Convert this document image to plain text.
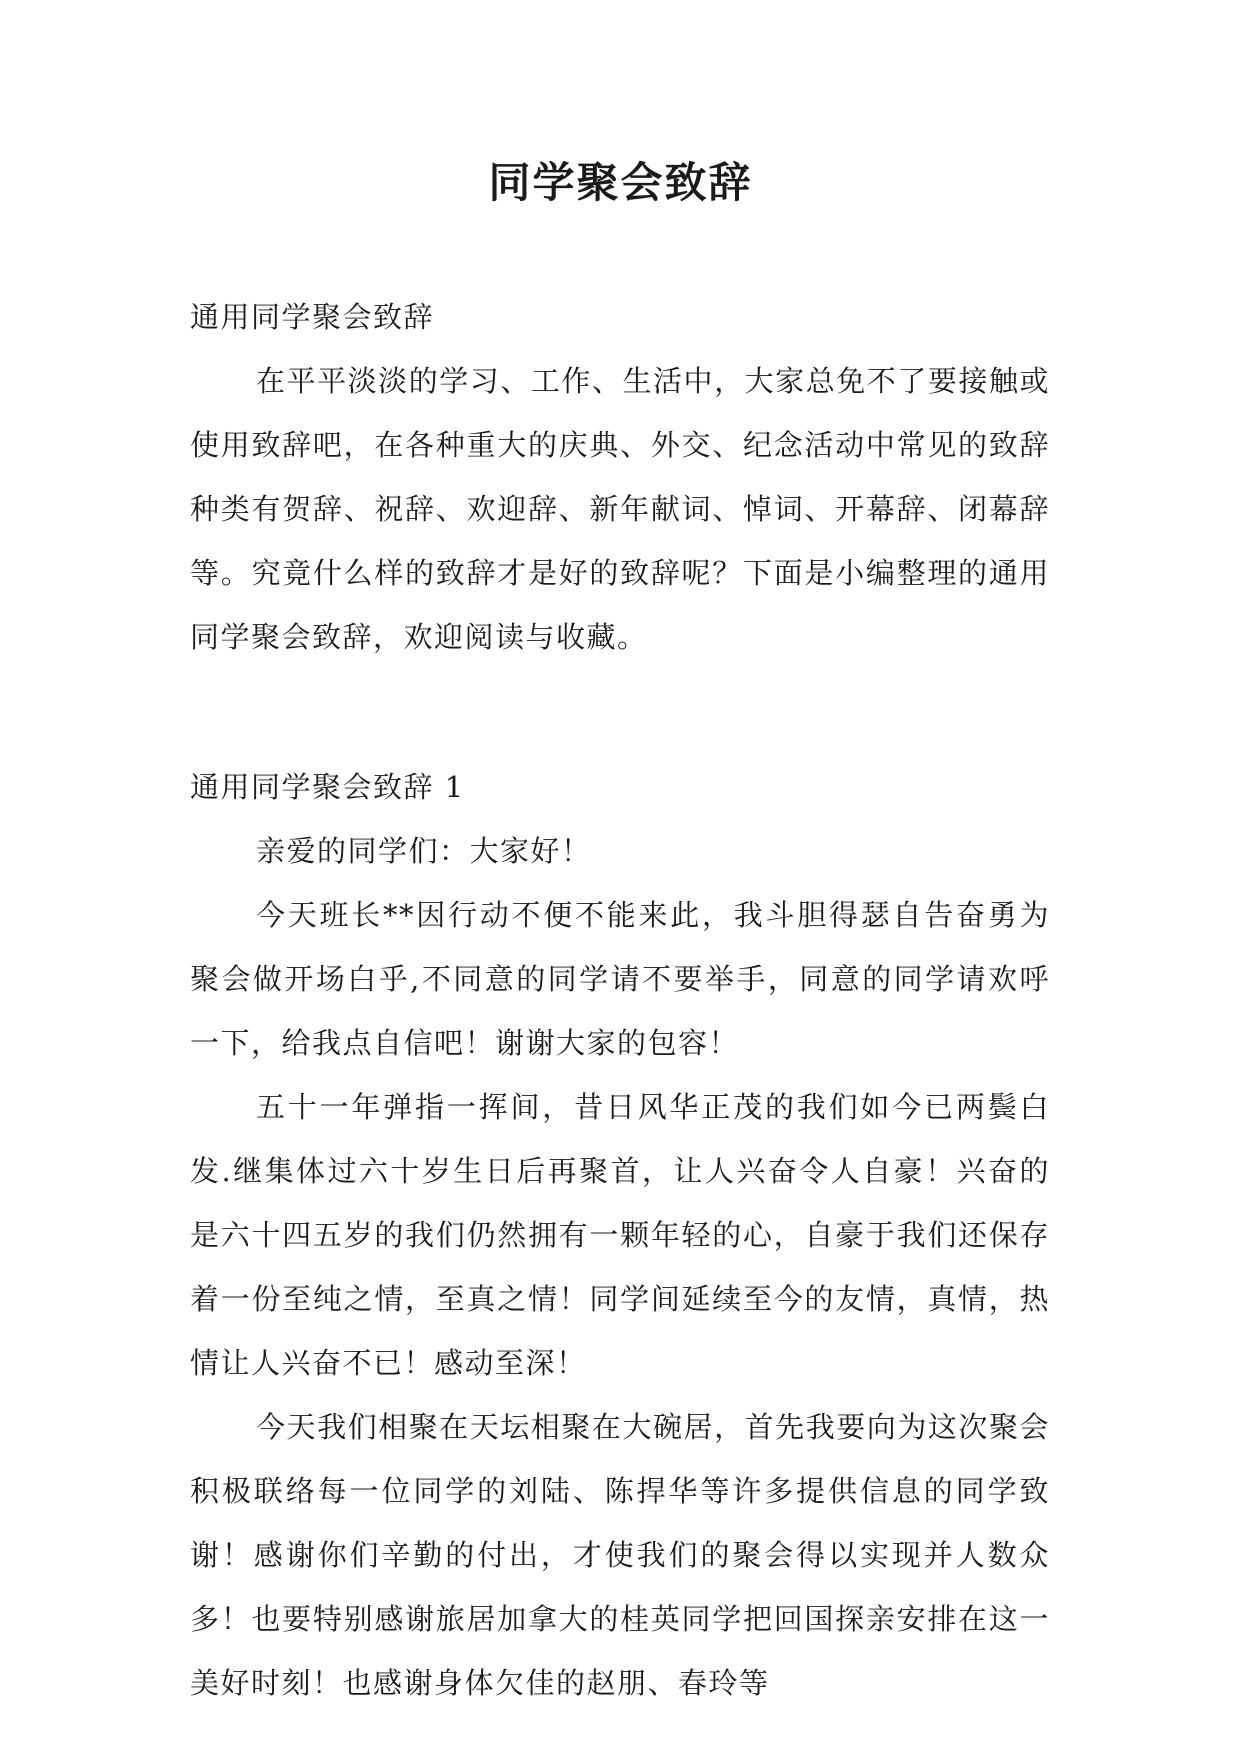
同学聚会致辞

通用同学聚会致辞

在平平淡淡的学习、工作、生活中，大家总免不了要接触或使用致辞吧，在各种重大的庆典、外交、纪念活动中常见的致辞种类有贺辞、祝辞、欢迎辞、新年献词、悼词、开幕辞、闭幕辞等。究竟什么样的致辞才是好的致辞呢？下面是小编整理的通用同学聚会致辞，欢迎阅读与收藏。

通用同学聚会致辞 1

亲爱的同学们：大家好！

今天班长**因行动不便不能来此，我斗胆得瑟自告奋勇为聚会做开场白乎,不同意的同学请不要举手，同意的同学请欢呼一下，给我点自信吧！谢谢大家的包容！

五十一年弹指一挥间，昔日风华正茂的我们如今已两鬓白发.继集体过六十岁生日后再聚首，让人兴奋令人自豪！兴奋的是六十四五岁的我们仍然拥有一颗年轻的心，自豪于我们还保存着一份至纯之情，至真之情！同学间延续至今的友情，真情，热情让人兴奋不已！感动至深！

今天我们相聚在天坛相聚在大碗居，首先我要向为这次聚会积极联络每一位同学的刘陆、陈捍华等许多提供信息的同学致谢！感谢你们辛勤的付出，才使我们的聚会得以实现并人数众多！也要特别感谢旅居加拿大的桂英同学把回国探亲安排在这一美好时刻！也感谢身体欠佳的赵朋、春玲等
